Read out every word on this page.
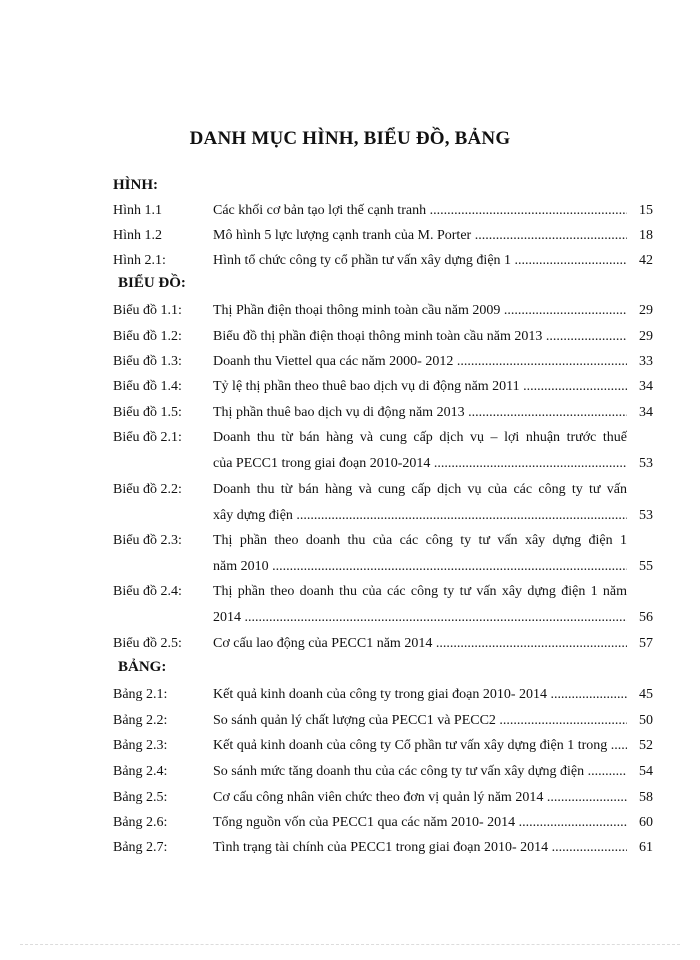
DANH MỤC HÌNH, BIỂU ĐỒ, BẢNG
HÌNH:
Hình 1.1	Các khối cơ bản tạo lợi thế cạnh tranh .....	15
Hình 1.2	Mô hình 5 lực lượng cạnh tranh của M. Porter .....	18
Hình 2.1:	Hình tổ chức công ty cổ phần tư vấn xây dựng điện 1 .....	42
BIỂU ĐỒ:
Biểu đồ 1.1: Thị Phần điện thoại thông minh toàn cầu năm 2009 .....	29
Biểu đồ 1.2: Biểu đồ thị phần điện thoại thông minh toàn cầu năm 2013 .....	29
Biểu đồ 1.3: Doanh thu Viettel qua các năm 2000- 2012 .....	33
Biểu đồ 1.4: Tỷ lệ thị phần theo thuê bao dịch vụ di động năm 2011 .....	34
Biểu đồ 1.5: Thị phần thuê bao dịch vụ di động năm 2013 .....	34
Biểu đồ 2.1: Doanh thu từ bán hàng và cung cấp dịch vụ – lợi nhuận trước thuế
của PECC1 trong giai đoạn 2010-2014 .....	53
Biểu đồ 2.2: Doanh thu từ bán hàng và cung cấp dịch vụ của các công ty tư vấn
xây dựng điện .....	53
Biểu đồ 2.3: Thị phần theo doanh thu của các công ty tư vấn xây dựng điện 1
năm 2010 .....	55
Biểu đồ 2.4: Thị phần theo doanh thu của các công ty tư vấn xây dựng điện 1 năm
2014 .....	56
Biểu đồ 2.5: Cơ cấu lao động của PECC1 năm 2014 .....	57
BẢNG:
Bảng 2.1:	Kết quả kinh doanh của công ty trong giai đoạn 2010- 2014 .....	45
Bảng 2.2:	So sánh quản lý chất lượng của PECC1 và PECC2 .....	50
Bảng 2.3:	Kết quả kinh doanh của công ty Cổ phần tư vấn xây dựng điện 1 trong .....	52
Bảng 2.4:	So sánh mức tăng doanh thu của các công ty tư vấn xây dựng điện .....	54
Bảng 2.5:	Cơ cấu công nhân viên chức theo đơn vị quản lý năm 2014 .....	58
Bảng 2.6:	Tổng nguồn vốn của PECC1 qua các năm 2010- 2014 .....	60
Bảng 2.7:	Tình trạng tài chính của PECC1 trong giai đoạn 2010- 2014 .....	61
